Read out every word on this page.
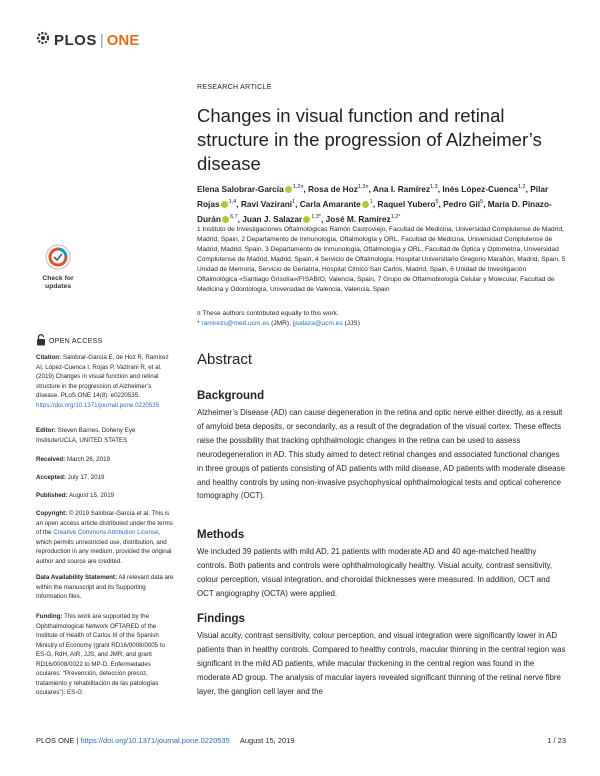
PLOS | ONE
RESEARCH ARTICLE
Changes in visual function and retinal structure in the progression of Alzheimer’s disease
Elena Salobrar-García $^{1,2¤}$, Rosa de Hoz$^{1,3¤}$, Ana I. Ramírez$^{1,3}$, Inés López-Cuenca$^{1,2}$, Pilar Rojas $^{1,4}$, Ravi Vazirani$^1$, Carla Amarante $^1$, Raquel Yubero$^5$, Pedro Gil$^5$, María D. Pinazo-Durán $^{6,7}$, Juan J. Salazar $^{1,3*}$, José M. Ramírez$^{1,2*}$
1 Instituto de Investigaciones Oftalmológicas Ramón Castroviejo, Facultad de Medicina, Universidad Complutense de Madrid, Madrid, Spain, 2 Departamento de Inmunología, Oftalmología y ORL, Facultad de Medicina, Universidad Complutense de Madrid, Madrid, Spain, 3 Departamento de Inmunología, Oftalmología y ORL, Facultad de Óptica y Optometría, Universidad Complutense de Madrid, Madrid, Spain, 4 Servicio de Oftalmología, Hospital Universitario Gregorio Marañón, Madrid, Spain, 5 Unidad de Memoria, Servicio de Geriatría, Hospital Clínico San Carlos, Madrid, Spain, 6 Unidad de Investigación Oftalmológica «Santiago Grisolía»/FISABIO, Valencia, Spain, 7 Grupo de Oftalmobiología Celular y Molecular, Facultad de Medicina y Odontología, Universidad de Valencia, Valencia, Spain
¤ These authors contributed equally to this work.
* ramirezs@med.ucm.es (JMR); jjsalaza@ucm.es (JJS)
Abstract
Background

Alzheimer’s Disease (AD) can cause degeneration in the retina and optic nerve either directly, as a result of amyloid beta deposits, or secondarily, as a result of the degradation of the visual cortex. These effects raise the possibility that tracking ophthalmologic changes in the retina can be used to assess neurodegeneration in AD. This study aimed to detect retinal changes and associated functional changes in three groups of patients consisting of AD patients with mild disease, AD patients with moderate disease and healthy controls by using non-invasive psychophysical ophthalmological tests and optical coherence tomography (OCT).

Methods

We included 39 patients with mild AD, 21 patients with moderate AD and 40 age-matched healthy controls. Both patients and controls were ophthalmologically healthy. Visual acuity, contrast sensitivity, colour perception, visual integration, and choroidal thicknesses were measured. In addition, OCT and OCT angiography (OCTA) were applied.

Findings

Visual acuity, contrast sensitivity, colour perception, and visual integration were significantly lower in AD patients than in healthy controls. Compared to healthy controls, macular thinning in the central region was significant in the mild AD patients, while macular thickening in the central region was found in the moderate AD group. The analysis of macular layers revealed significant thinning of the retinal nerve fibre layer, the ganglion cell layer and the

Check for
updates
OPEN ACCESS
Citation: Salobrar-García E, de Hoz R, Ramírez AI, López-Cuenca I, Rojas P, Vazirani R, et al. (2019) Changes in visual function and retinal structure in the progression of Alzheimer’s disease. PLoS ONE 14(8): e0220535. https://doi.org/10.1371/journal.pone.0220535
Editor: Steven Barnes, Doheny Eye Institute/UCLA, UNITED STATES
Received: March 26, 2019
Accepted: July 17, 2019
Published: August 15, 2019
Copyright: © 2019 Salobrar-García et al. This is an open access article distributed under the terms of the Creative Commons Attribution License, which permits unrestricted use, distribution, and reproduction in any medium, provided the original author and source are credited.
Data Availability Statement: All relevant data are within the manuscript and its Supporting Information files.
Funding: This work are supported by the Ophthalmological Network OFTARED of the Institute of Health of Carlos III of the Spanish Ministry of Economy (grant RD16/0008/0005 to ES-G, RdH, AIR, JJS, and JMR; and grant RD16/0008/0022 to MP-D. Enfermedades oculares: “Prevención, detección precoz, tratamiento y rehabilitación de las patologías oculares”). ES-G
PLOS ONE | https://doi.org/10.1371/journal.pone.0220535 August 15, 2019	1 / 23
